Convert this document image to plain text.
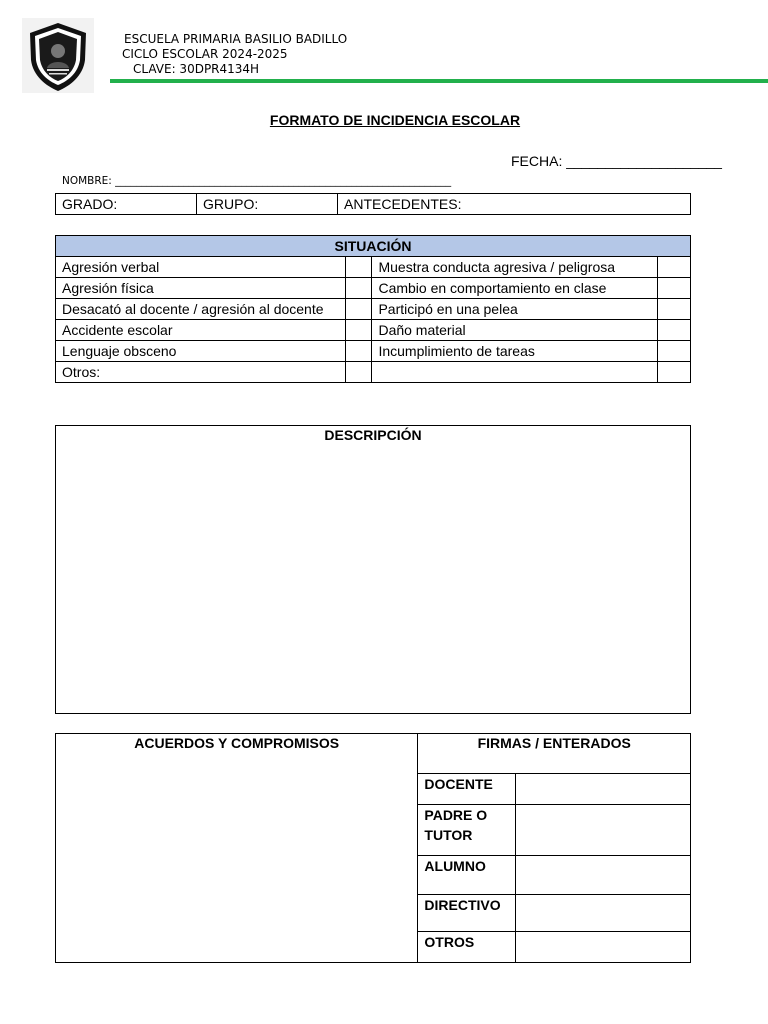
ESCUELA PRIMARIA BASILIO BADILLO
CICLO ESCOLAR 2024-2025
CLAVE: 30DPR4134H
FORMATO DE INCIDENCIA ESCOLAR
FECHA: ____________________
NOMBRE: ________________________________________________________________
GRADO:	GRUPO:	ANTECEDENTES:
SITUACIÓN			
Agresión verbal		Muestra conducta agresiva / peligrosa	
Agresión física		Cambio en comportamiento en clase	
Desacató al docente / agresión al docente		Participó en una pelea	
Accidente escolar		Daño material	
Lenguaje obsceno		Incumplimiento de tareas	
Otros:			
DESCRIPCIÓN
ACUERDOS Y COMPROMISOS	FIRMAS / ENTERADOS	
	DOCENTE	

	PADRE O
TUTOR	

	ALUMNO	
	DIRECTIVO	
	OTROS	
